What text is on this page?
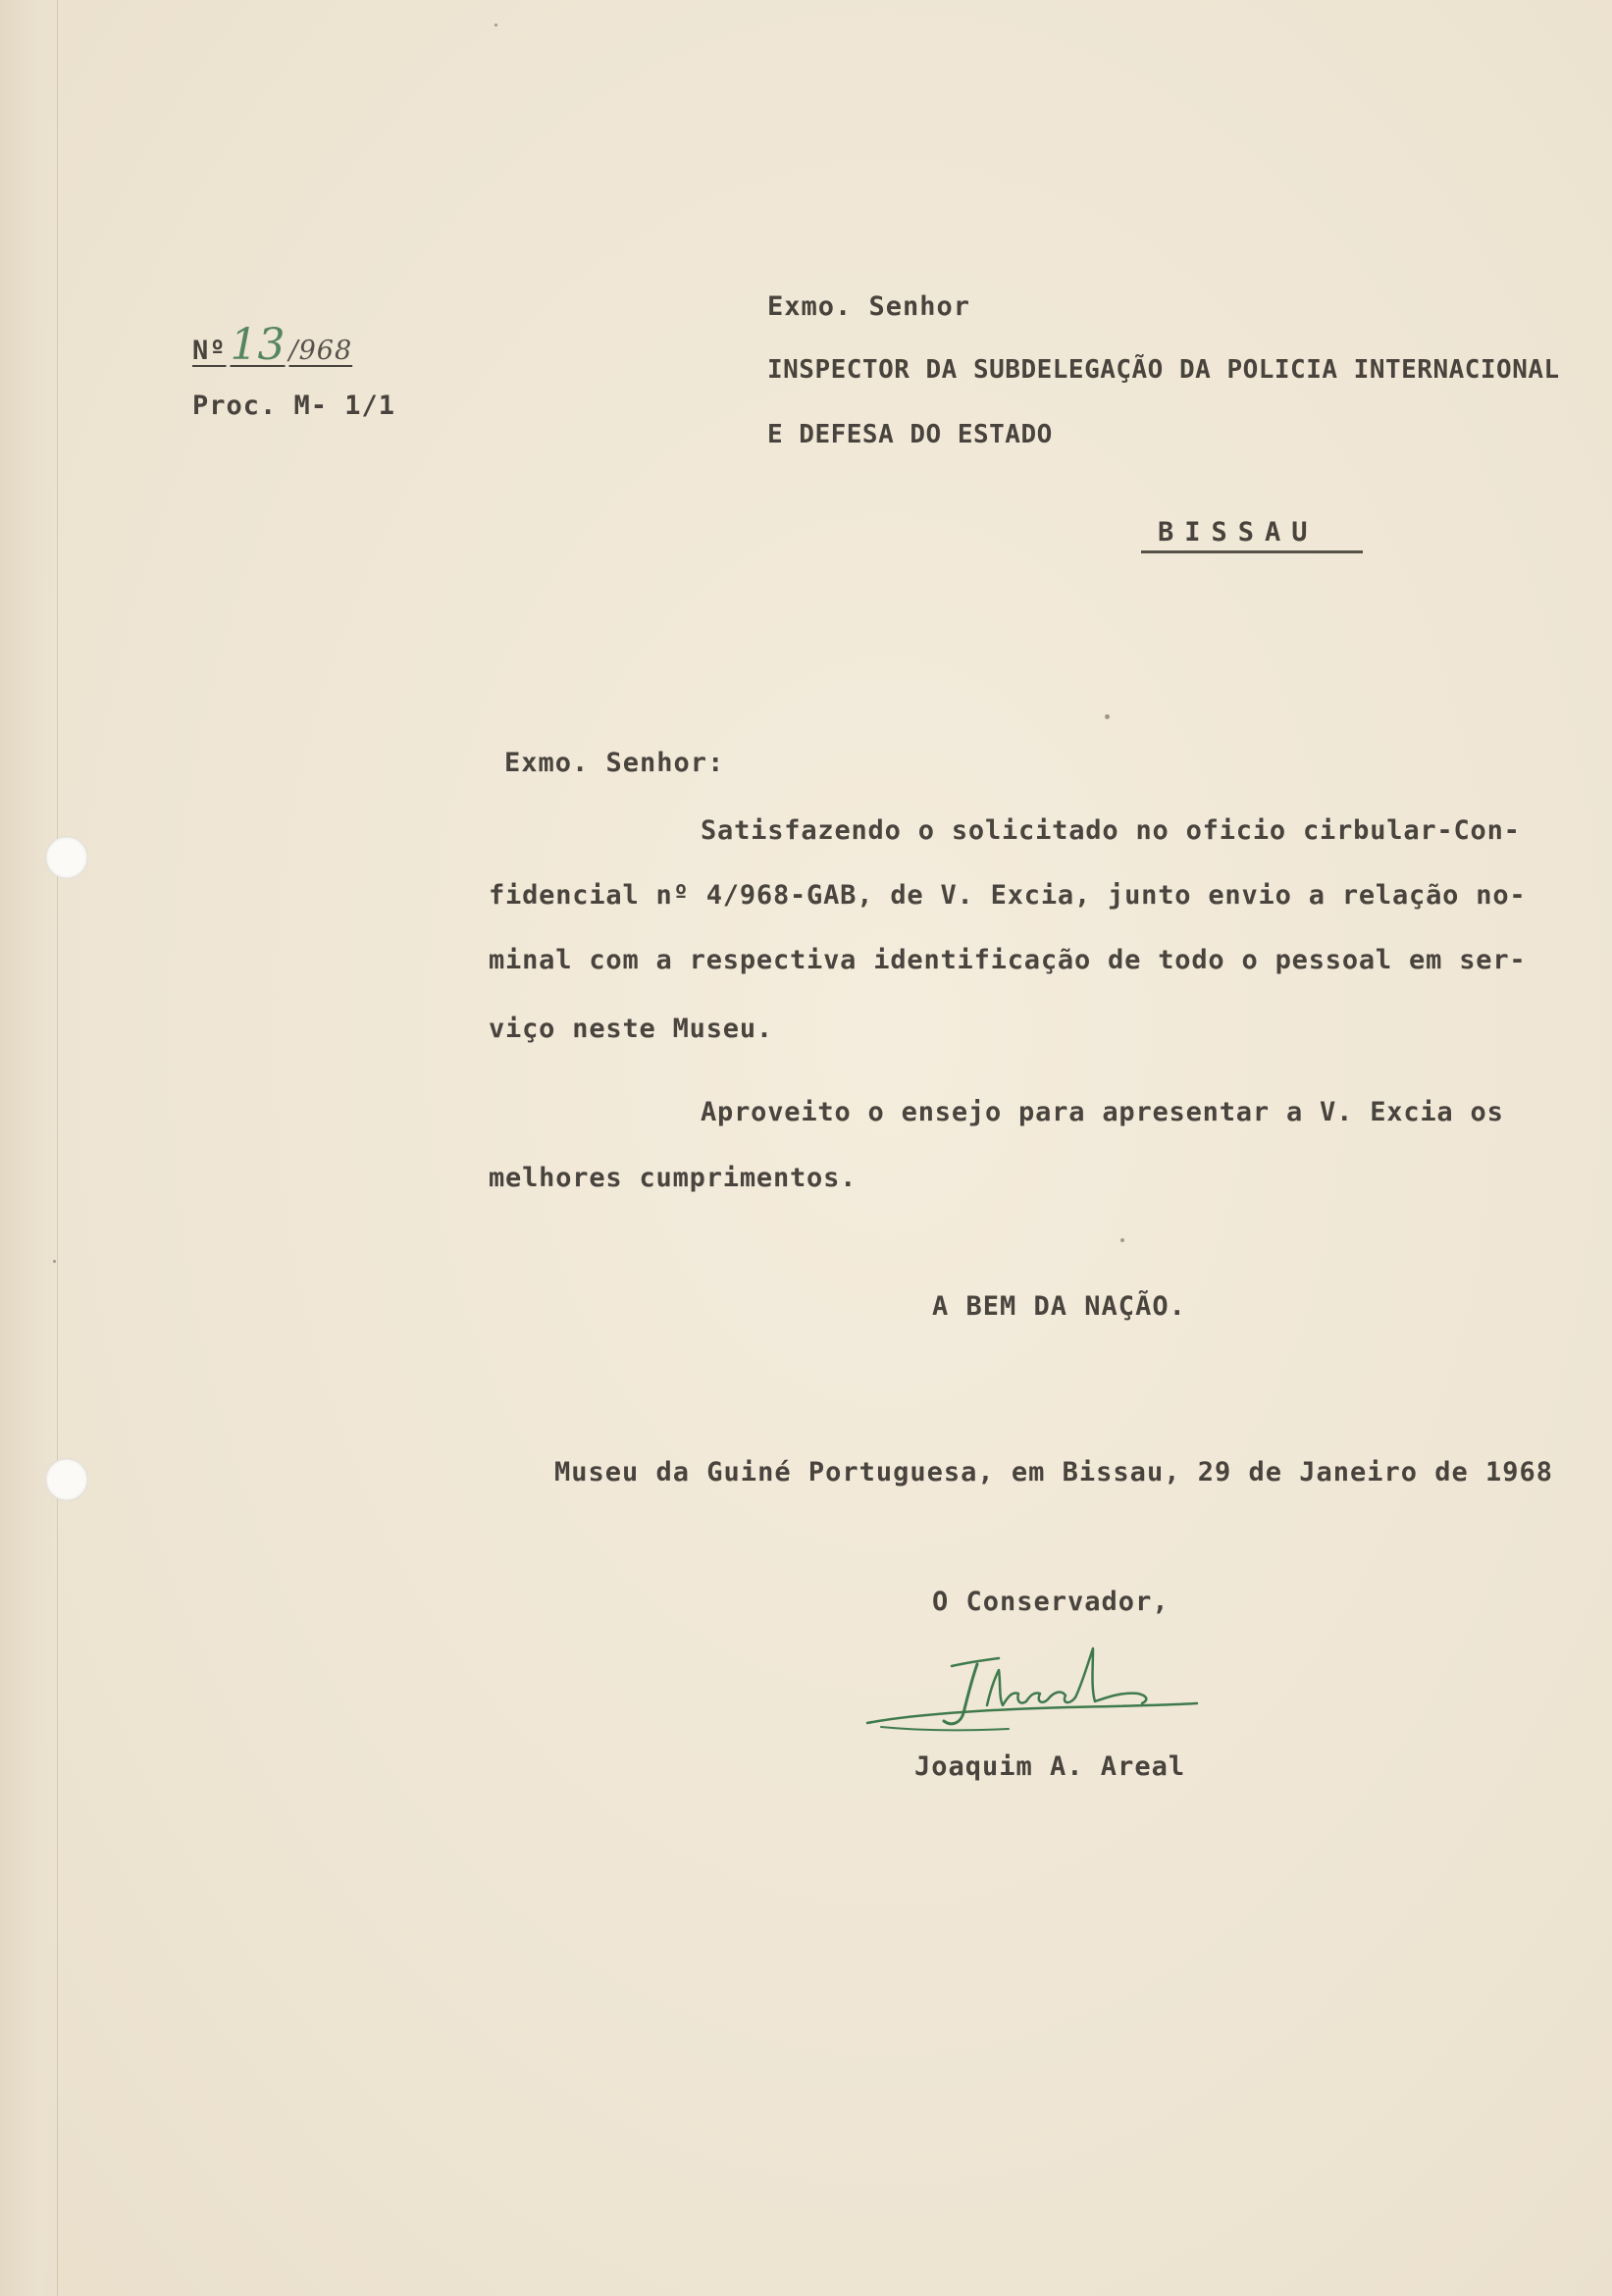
Nº13 /968
Proc. M- 1/1
Exmo. Senhor
INSPECTOR DA SUBDELEGAÇÃO DA POLICIA INTERNACIONAL
E DEFESA DO ESTADO
BISSAU
Exmo. Senhor:
Satisfazendo o solicitado no oficio cirbular-Con-
fidencial nº 4/968-GAB, de V. Excia, junto envio a relação no-
minal com a respectiva identificação de todo o pessoal em ser-
viço neste Museu.
Aproveito o ensejo para apresentar a V. Excia os
melhores cumprimentos.
A BEM DA NAÇÃO.
Museu da Guiné Portuguesa, em Bissau, 29 de Janeiro de 1968
O Conservador,
Joaquim A. Areal
